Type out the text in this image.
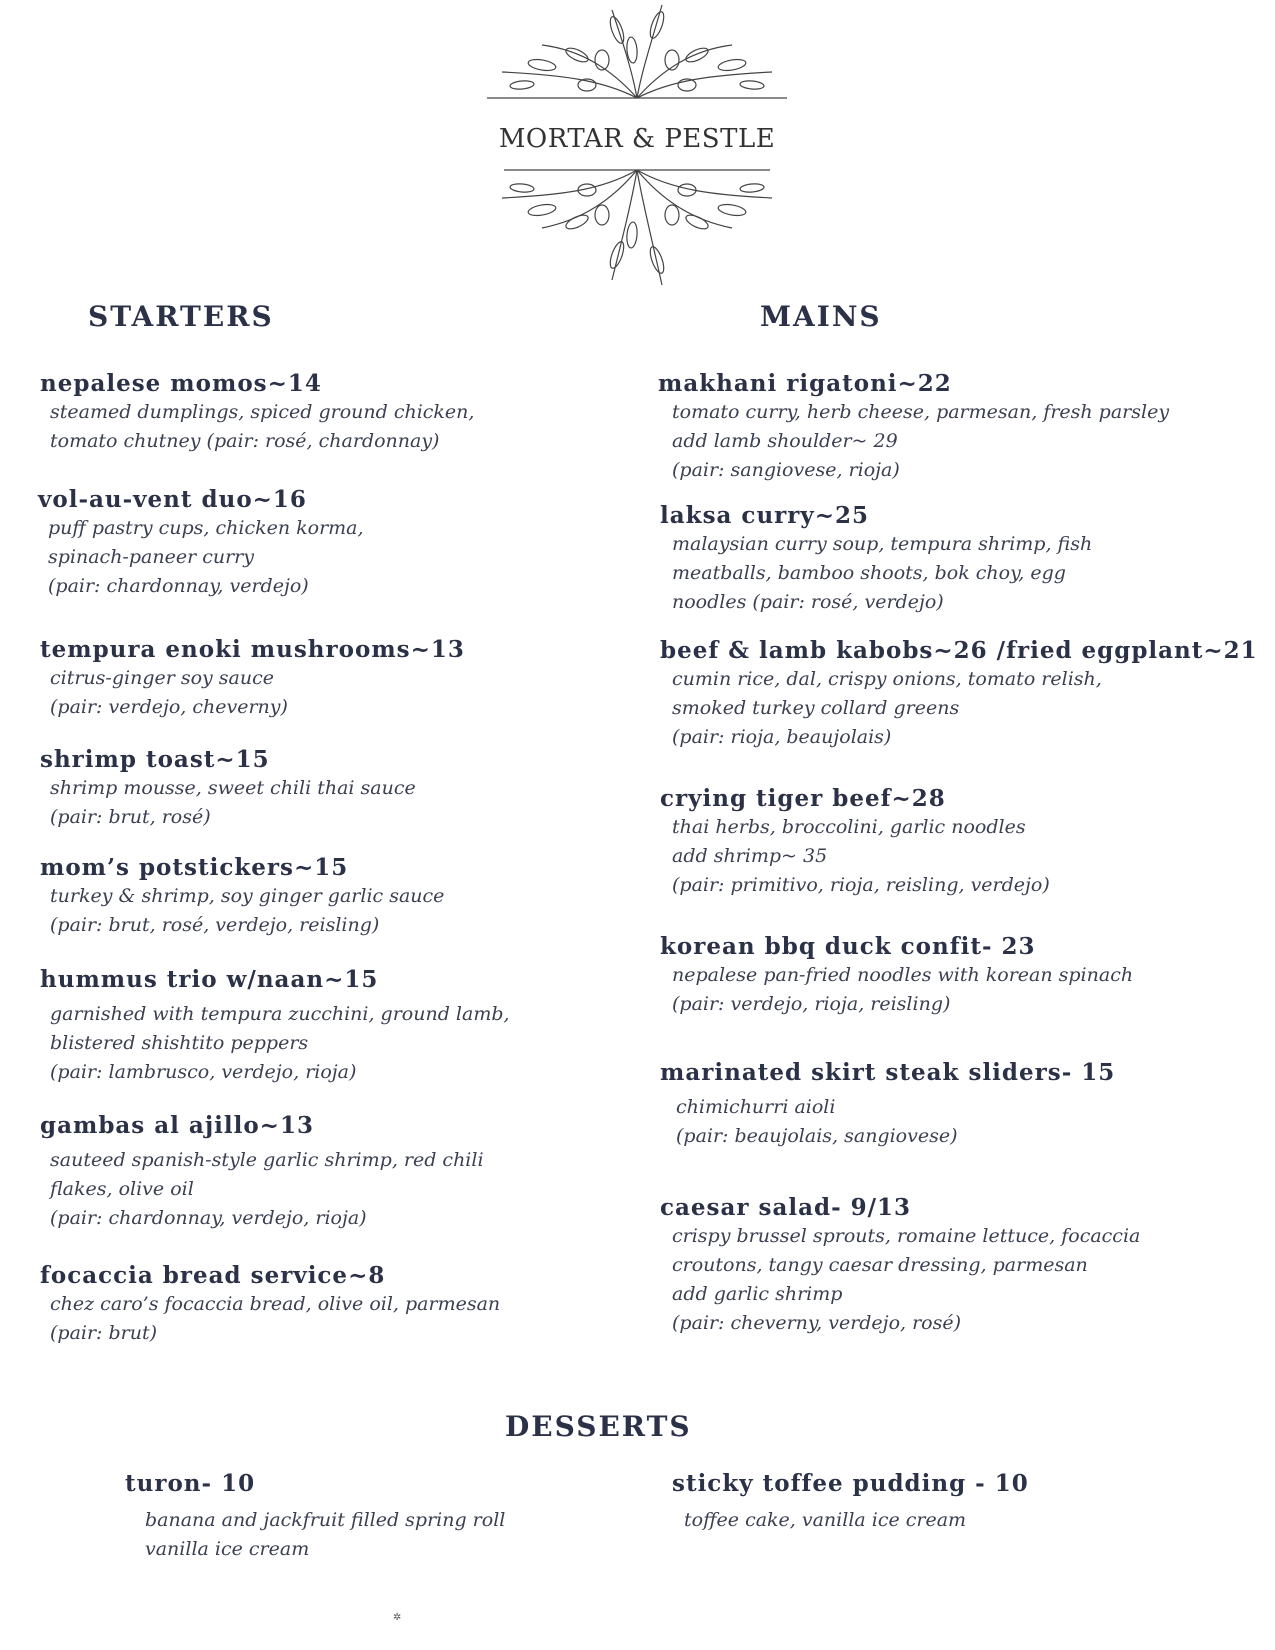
MORTAR & PESTLE
STARTERS	MAINS
DESSERTS
nepalese momos~14
steamed dumplings, spiced ground chicken,
tomato chutney (pair: rosé, chardonnay)
vol-au-vent duo~16
puff pastry cups, chicken korma,
spinach-paneer curry
(pair: chardonnay, verdejo)
tempura enoki mushrooms~13
citrus-ginger soy sauce
(pair: verdejo, cheverny)
shrimp toast~15
shrimp mousse, sweet chili thai sauce
(pair: brut, rosé)
mom’s potstickers~15
turkey & shrimp, soy ginger garlic sauce
(pair: brut, rosé, verdejo, reisling)
hummus trio w/naan~15
garnished with tempura zucchini, ground lamb,
blistered shishtito peppers
(pair: lambrusco, verdejo, rioja)
gambas al ajillo~13
sauteed spanish-style garlic shrimp, red chili
flakes, olive oil
(pair: chardonnay, verdejo, rioja)
focaccia bread service~8
chez caro’s focaccia bread, olive oil, parmesan
(pair: brut)
makhani rigatoni~22
tomato curry, herb cheese, parmesan, fresh parsley
add lamb shoulder~ 29
(pair: sangiovese, rioja)
laksa curry~25
malaysian curry soup, tempura shrimp, fish
meatballs, bamboo shoots, bok choy, egg
noodles (pair: rosé, verdejo)
beef & lamb kabobs~26 /fried eggplant~21
cumin rice, dal, crispy onions, tomato relish,
smoked turkey collard greens
(pair: rioja, beaujolais)
crying tiger beef~28
thai herbs, broccolini, garlic noodles
add shrimp~ 35
(pair: primitivo, rioja, reisling, verdejo)
korean bbq duck confit- 23
nepalese pan-fried noodles with korean spinach
(pair: verdejo, rioja, reisling)
marinated skirt steak sliders- 15
chimichurri aioli
(pair: beaujolais, sangiovese)
caesar salad- 9/13
crispy brussel sprouts, romaine lettuce, focaccia
croutons, tangy caesar dressing, parmesan
add garlic shrimp
(pair: cheverny, verdejo, rosé)
turon- 10
banana and jackfruit filled spring roll
vanilla ice cream
sticky toffee pudding - 10
toffee cake, vanilla ice cream
✲
